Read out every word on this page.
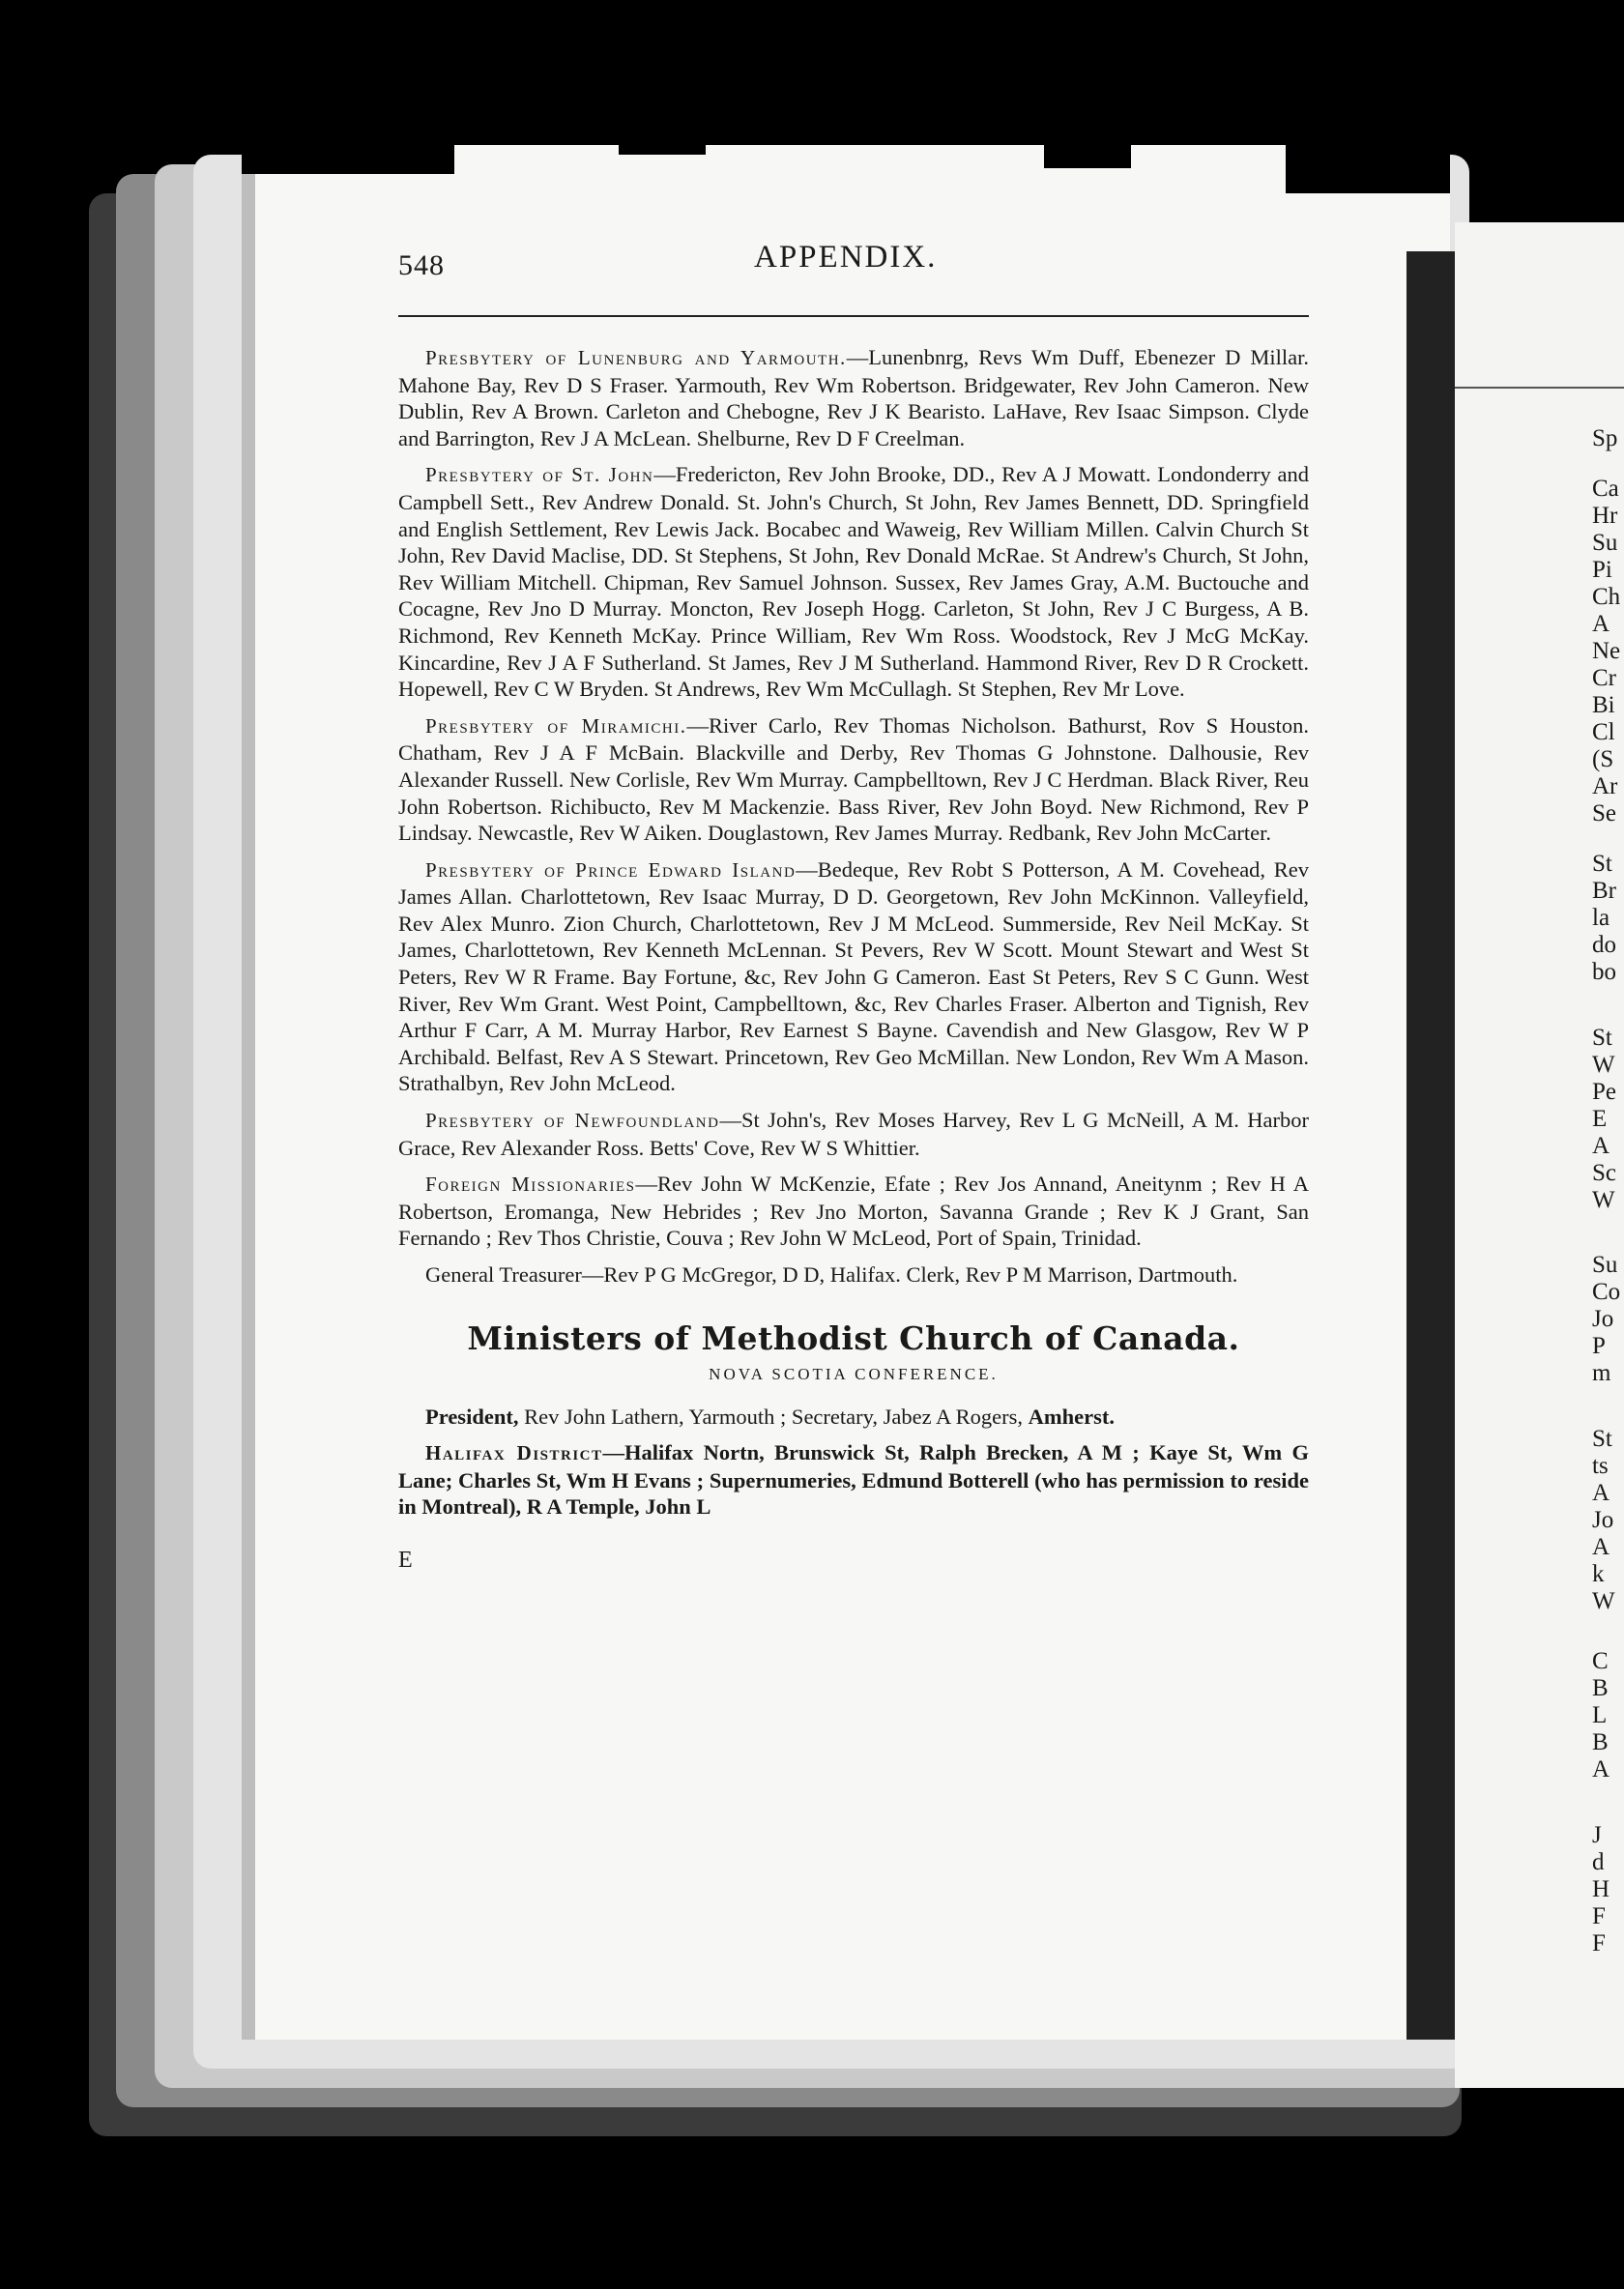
Sp
Ca
Hr
Su
Pi
Ch
A
Ne
Cr
Bi
Cl
(S
Ar
Se
St
Br
la
do
bo
St
W
Pe
E
A
Sc
W
Su
Co
Jo
P
m
St
ts
A
Jo
A
k
W
C
B
L
B
A
J
d
H
F
F
548	APPENDIX.

Presbytery of Lunenburg and Yarmouth.—Lunenbnrg, Revs Wm Duff, Ebenezer D Millar. Mahone Bay, Rev D S Fraser. Yarmouth, Rev Wm Robertson. Bridgewater, Rev John Cameron. New Dublin, Rev A Brown. Carleton and Chebogne, Rev J K Bearisto. LaHave, Rev Isaac Simpson. Clyde and Barrington, Rev J A McLean. Shelburne, Rev D F Creelman.

Presbytery of St. John—Fredericton, Rev John Brooke, DD., Rev A J Mowatt. Londonderry and Campbell Sett., Rev Andrew Donald. St. John's Church, St John, Rev James Bennett, DD. Springfield and English Settlement, Rev Lewis Jack. Bocabec and Waweig, Rev William Millen. Calvin Church St John, Rev David Maclise, DD. St Stephens, St John, Rev Donald McRae. St Andrew's Church, St John, Rev William Mitchell. Chipman, Rev Samuel Johnson. Sussex, Rev James Gray, A.M. Buctouche and Cocagne, Rev Jno D Murray. Moncton, Rev Joseph Hogg. Carleton, St John, Rev J C Burgess, A B. Richmond, Rev Kenneth McKay. Prince William, Rev Wm Ross. Woodstock, Rev J McG McKay. Kincardine, Rev J A F Sutherland. St James, Rev J M Sutherland. Hammond River, Rev D R Crockett. Hopewell, Rev C W Bryden. St Andrews, Rev Wm McCullagh. St Stephen, Rev Mr Love.

Presbytery of Miramichi.—River Carlo, Rev Thomas Nicholson. Bathurst, Rov S Houston. Chatham, Rev J A F McBain. Blackville and Derby, Rev Thomas G Johnstone. Dalhousie, Rev Alexander Russell. New Corlisle, Rev Wm Murray. Campbelltown, Rev J C Herdman. Black River, Reu John Robertson. Richibucto, Rev M Mackenzie. Bass River, Rev John Boyd. New Richmond, Rev P Lindsay. Newcastle, Rev W Aiken. Douglastown, Rev James Murray. Redbank, Rev John McCarter.

Presbytery of Prince Edward Island—Bedeque, Rev Robt S Potterson, A M. Covehead, Rev James Allan. Charlottetown, Rev Isaac Murray, D D. Georgetown, Rev John McKinnon. Valleyfield, Rev Alex Munro. Zion Church, Charlottetown, Rev J M McLeod. Summerside, Rev Neil McKay. St James, Charlottetown, Rev Kenneth McLennan. St Pevers, Rev W Scott. Mount Stewart and West St Peters, Rev W R Frame. Bay Fortune, &c, Rev John G Cameron. East St Peters, Rev S C Gunn. West River, Rev Wm Grant. West Point, Campbelltown, &c, Rev Charles Fraser. Alberton and Tignish, Rev Arthur F Carr, A M. Murray Harbor, Rev Earnest S Bayne. Cavendish and New Glasgow, Rev W P Archibald. Belfast, Rev A S Stewart. Princetown, Rev Geo McMillan. New London, Rev Wm A Mason. Strathalbyn, Rev John McLeod.

Presbytery of Newfoundland—St John's, Rev Moses Harvey, Rev L G McNeill, A M. Harbor Grace, Rev Alexander Ross. Betts' Cove, Rev W S Whittier.

Foreign Missionaries—Rev John W McKenzie, Efate ; Rev Jos Annand, Aneitynm ; Rev H A Robertson, Eromanga, New Hebrides ; Rev Jno Morton, Savanna Grande ; Rev K J Grant, San Fernando ; Rev Thos Christie, Couva ; Rev John W McLeod, Port of Spain, Trinidad.

General Treasurer—Rev P G McGregor, D D, Halifax. Clerk, Rev P M Marrison, Dartmouth.

Ministers of Methodist Church of Canada.
NOVA SCOTIA CONFERENCE.

President, Rev John Lathern, Yarmouth ; Secretary, Jabez A Rogers, Amherst.

Halifax District—Halifax Nortn, Brunswick St, Ralph Brecken, A M ; Kaye St, Wm G Lane; Charles St, Wm H Evans ; Supernumeries, Edmund Botterell (who has permission to reside in Montreal), R A Temple, John L

E
